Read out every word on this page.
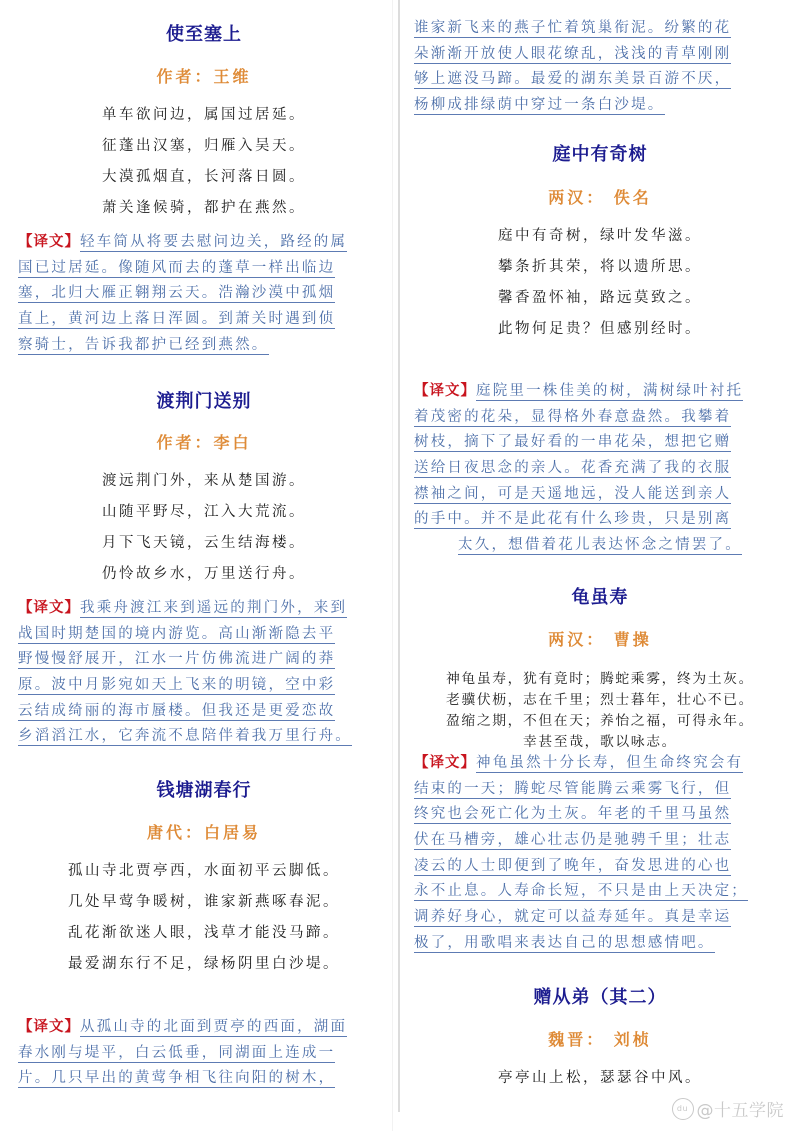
使至塞上
作者：王维
单车欲问边，属国过居延。
征蓬出汉塞，归雁入吴天。
大漠孤烟直，长河落日圆。
萧关逢候骑，都护在燕然。
【译文】轻车简从将要去慰问边关，路经的属
国已过居延。像随风而去的蓬草一样出临边
塞，北归大雁正翱翔云天。浩瀚沙漠中孤烟
直上，黄河边上落日浑圆。到萧关时遇到侦
察骑士，告诉我都护已经到燕然。
渡荆门送别
作者：李白
渡远荆门外，来从楚国游。
山随平野尽，江入大荒流。
月下飞天镜，云生结海楼。
仍怜故乡水，万里送行舟。
【译文】我乘舟渡江来到遥远的荆门外，来到
战国时期楚国的境内游览。高山渐渐隐去平
野慢慢舒展开，江水一片仿佛流进广阔的莽
原。波中月影宛如天上飞来的明镜，空中彩
云结成绮丽的海市蜃楼。但我还是更爱恋故
乡滔滔江水，它奔流不息陪伴着我万里行舟。
钱塘湖春行
唐代：白居易
孤山寺北贾亭西，水面初平云脚低。
几处早莺争暖树，谁家新燕啄春泥。
乱花渐欲迷人眼，浅草才能没马蹄。
最爱湖东行不足，绿杨阴里白沙堤。
【译文】从孤山寺的北面到贾亭的西面，湖面
春水刚与堤平，白云低垂，同湖面上连成一
片。几只早出的黄莺争相飞往向阳的树木，
谁家新飞来的燕子忙着筑巢衔泥。纷繁的花
朵渐渐开放使人眼花缭乱，浅浅的青草刚刚
够上遮没马蹄。最爱的湖东美景百游不厌，
杨柳成排绿荫中穿过一条白沙堤。
庭中有奇树
两汉： 佚名
庭中有奇树，绿叶发华滋。
攀条折其荣，将以遗所思。
馨香盈怀袖，路远莫致之。
此物何足贵？但感别经时。
【译文】庭院里一株佳美的树，满树绿叶衬托
着茂密的花朵，显得格外春意盎然。我攀着
树枝，摘下了最好看的一串花朵，想把它赠
送给日夜思念的亲人。花香充满了我的衣服
襟袖之间，可是天遥地远，没人能送到亲人
的手中。并不是此花有什么珍贵，只是别离
太久，想借着花儿表达怀念之情罢了。
龟虽寿
两汉： 曹操
神龟虽寿，犹有竟时；腾蛇乘雾，终为土灰。
老骥伏枥，志在千里；烈士暮年，壮心不已。
盈缩之期，不但在天；养怡之福，可得永年。
幸甚至哉，歌以咏志。
【译文】神龟虽然十分长寿，但生命终究会有
结束的一天；腾蛇尽管能腾云乘雾飞行，但
终究也会死亡化为土灰。年老的千里马虽然
伏在马槽旁，雄心壮志仍是驰骋千里；壮志
凌云的人士即便到了晚年，奋发思进的心也
永不止息。人寿命长短，不只是由上天决定；
调养好身心，就定可以益寿延年。真是幸运
极了，用歌唱来表达自己的思想感情吧。
赠从弟（其二）
魏晋： 刘桢
亭亭山上松，瑟瑟谷中风。
du @十五学院
